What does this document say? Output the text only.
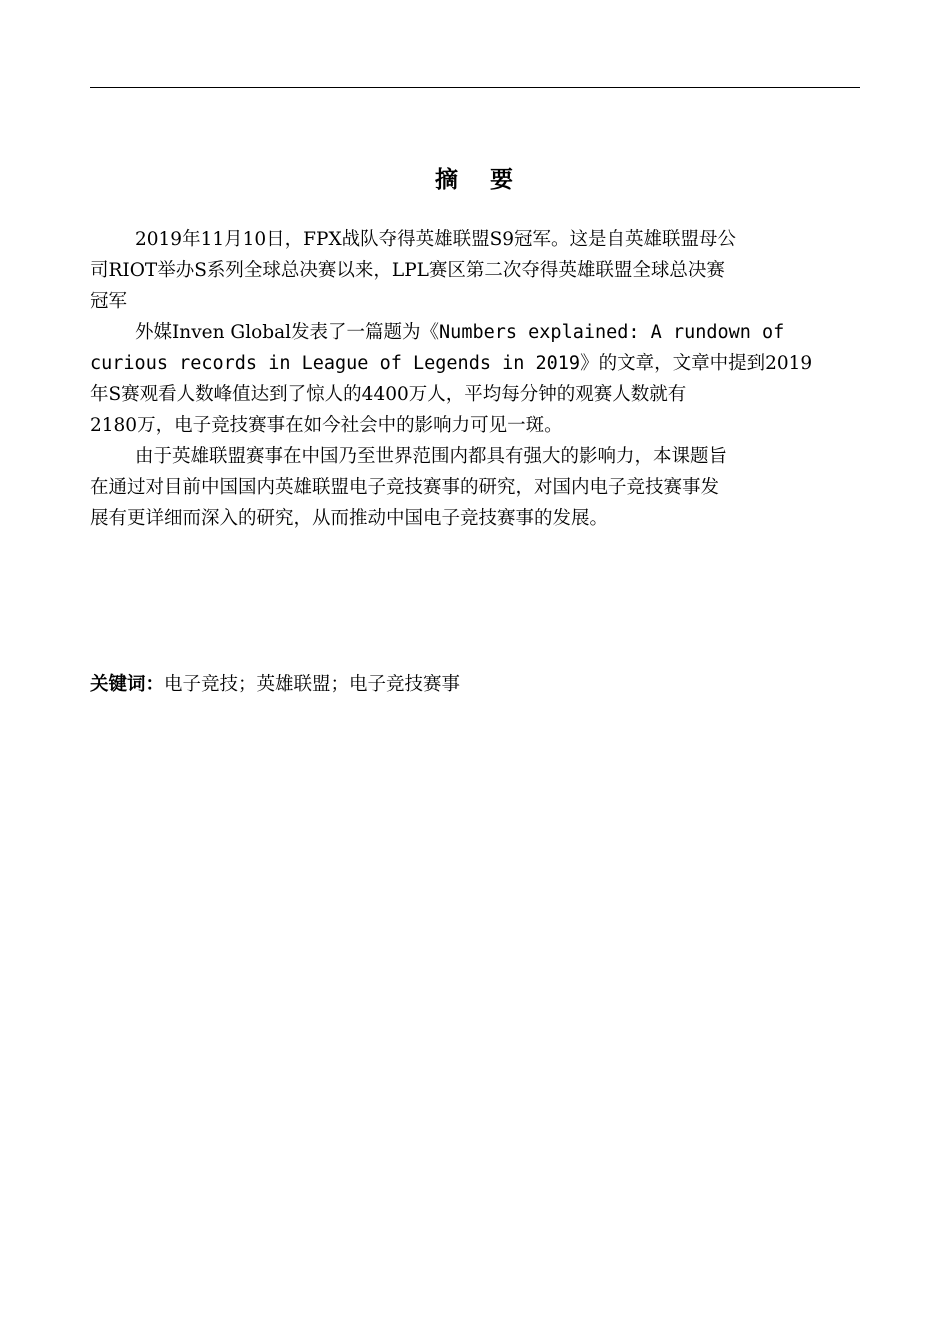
摘 要

2019年11月10日，FPX战队夺得英雄联盟S9冠军。这是自英雄联盟母公
司RIOT举办S系列全球总决赛以来，LPL赛区第二次夺得英雄联盟全球总决赛
冠军

外媒Inven Global发表了一篇题为《Numbers explained: A rundown of
curious records in League of Legends in 2019》的文章，文章中提到2019
年S赛观看人数峰值达到了惊人的4400万人，平均每分钟的观赛人数就有
2180万，电子竞技赛事在如今社会中的影响力可见一斑。

由于英雄联盟赛事在中国乃至世界范围内都具有强大的影响力，本课题旨
在通过对目前中国国内英雄联盟电子竞技赛事的研究，对国内电子竞技赛事发
展有更详细而深入的研究，从而推动中国电子竞技赛事的发展。

关键词：电子竞技；英雄联盟；电子竞技赛事
